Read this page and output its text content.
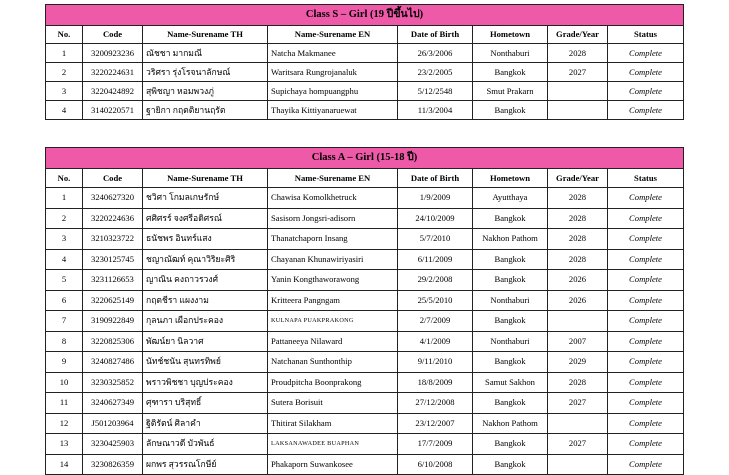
Class S – Girl (19 ปีขึ้นไป)							
No.	Code	Name-Surename TH	Name-Surename EN	Date of Birth	Hometown	Grade/Year	Status
1	3200923236	ณัชชา มากมณี	Natcha Makmanee	26/3/2006	Nonthaburi	2028	Complete
2	3220224631	วริศรา รุ่งโรจนาลักษณ์	Waritsara Rungrojanaluk	23/2/2005	Bangkok	2027	Complete
3	3220424892	สุพิชญา หอมพวงภู่	Supichaya hompuangphu	5/12/2548	Smut Prakarn		Complete
4	3140220571	ฐายิกา กฤตติยานฤรัต	Thayika Kittiyanaruewat	11/3/2004	Bangkok		Complete
Class A – Girl (15-18 ปี)							
No.	Code	Name-Surename TH	Name-Surename EN	Date of Birth	Hometown	Grade/Year	Status
1	3240627320	ชวิศา โกมลเกษรักษ์	Chawisa Komolkhetruck	1/9/2009	Ayutthaya	2028	Complete
2	3220224636	ศศิศรร์ จงศรีอดิศรณ์	Sasisorn Jongsri-adisorn	24/10/2009	Bangkok	2028	Complete
3	3210323722	ธนัชพร อินทร์แสง	Thanatchaporn Insang	5/7/2010	Nakhon Pathom	2028	Complete
4	3230125745	ชญาณัฒท์ คุณาวิริยะศิริ	Chayanan Khunawiriyasiri	6/11/2009	Bangkok	2028	Complete
5	3231126653	ญาณิน คงถาวรวงศ์	Yanin Kongthaworawong	29/2/2008	Bangkok	2026	Complete
6	3220625149	กฤตชีรา แผงงาม	Kritteera Pangngam	25/5/2010	Nonthaburi	2026	Complete
7	3190922849	กุลนภา เผือกประคอง	KULNAPA PUAKPRAKONG	2/7/2009	Bangkok		Complete
8	3220825306	พัฒน์ยา นิลวาศ	Pattaneeya Nilaward	4/1/2009	Nonthaburi	2007	Complete
9	3240827486	นัทช์ชนัน สุนทรทิพย์	Natchanan Sunthonthip	9/11/2010	Bangkok	2029	Complete
10	3230325852	พราวพิชชา บุญประคอง	Proudpitcha Boonprakong	18/8/2009	Samut Sakhon	2028	Complete
11	3240627349	ศุฑารา บริสุทธิ์	Sutera Borisuit	27/12/2008	Bangkok	2027	Complete
12	J501203964	ฐิติรัตน์ ศิลาคำ	Thitirat Silakham	23/12/2007	Nakhon Pathom		Complete
13	3230425903	ลักษณาวดี บัวพันธ์	LAKSANAWADEE BUAPHAN	17/7/2009	Bangkok	2027	Complete
14	3230826359	ผกพร สุวรรณโกษีย์	Phakaporn Suwankosee	6/10/2008	Bangkok		Complete
